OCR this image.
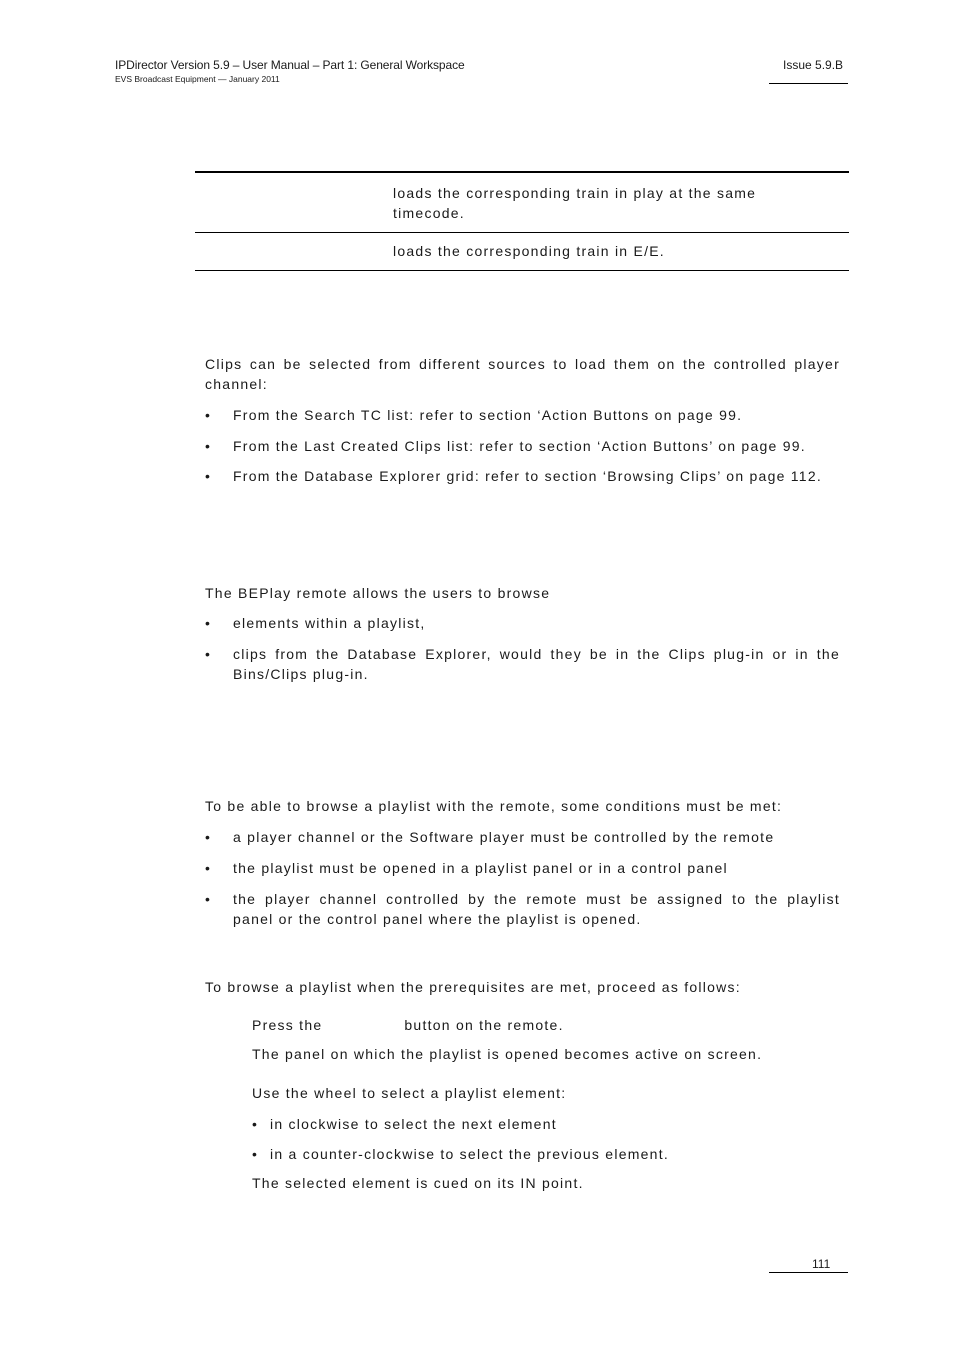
IPDirector Version 5.9 – User Manual – Part 1: General Workspace
EVS Broadcast Equipment — January 2011
Issue 5.9.B
loads the corresponding train in play at the same
timecode.
loads the corresponding train in E/E.
Clips can be selected from different sources to load them on the controlled player
channel:
•	From the Search TC list: refer to section ‘Action Buttons on page 99.
•	From the Last Created Clips list: refer to section ‘Action Buttons’ on page 99.
•	From the Database Explorer grid: refer to section ‘Browsing Clips’ on page 112.
The BEPlay remote allows the users to browse
•	elements within a playlist,
•	clips from the Database Explorer, would they be in the Clips plug-in or in the Bins/Clips plug-in.
To be able to browse a playlist with the remote, some conditions must be met:
•	a player channel or the Software player must be controlled by the remote
•	the playlist must be opened in a playlist panel or in a control panel
•	the player channel controlled by the remote must be assigned to the playlist panel or the control panel where the playlist is opened.
To browse a playlist when the prerequisites are met, proceed as follows:
Press the	button on the remote.
The panel on which the playlist is opened becomes active on screen.
Use the wheel to select a playlist element:
• in clockwise to select the next element
• in a counter-clockwise to select the previous element.
The selected element is cued on its IN point.
111
